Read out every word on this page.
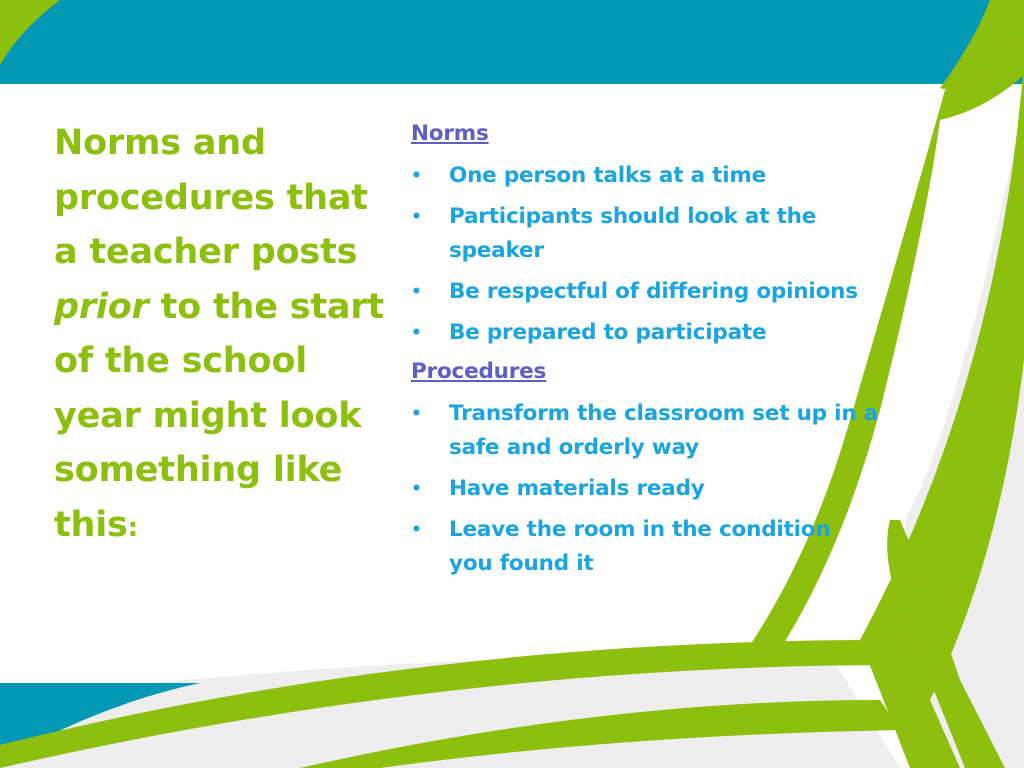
Norms and procedures that a teacher posts prior to the start of the school year might look something like this:
Norms
• One person talks at a time
• Participants should look at the speaker
• Be respectful of differing opinions
• Be prepared to participate
Procedures
• Transform the classroom set up in a safe and orderly way
• Have materials ready
• Leave the room in the condition you found it
